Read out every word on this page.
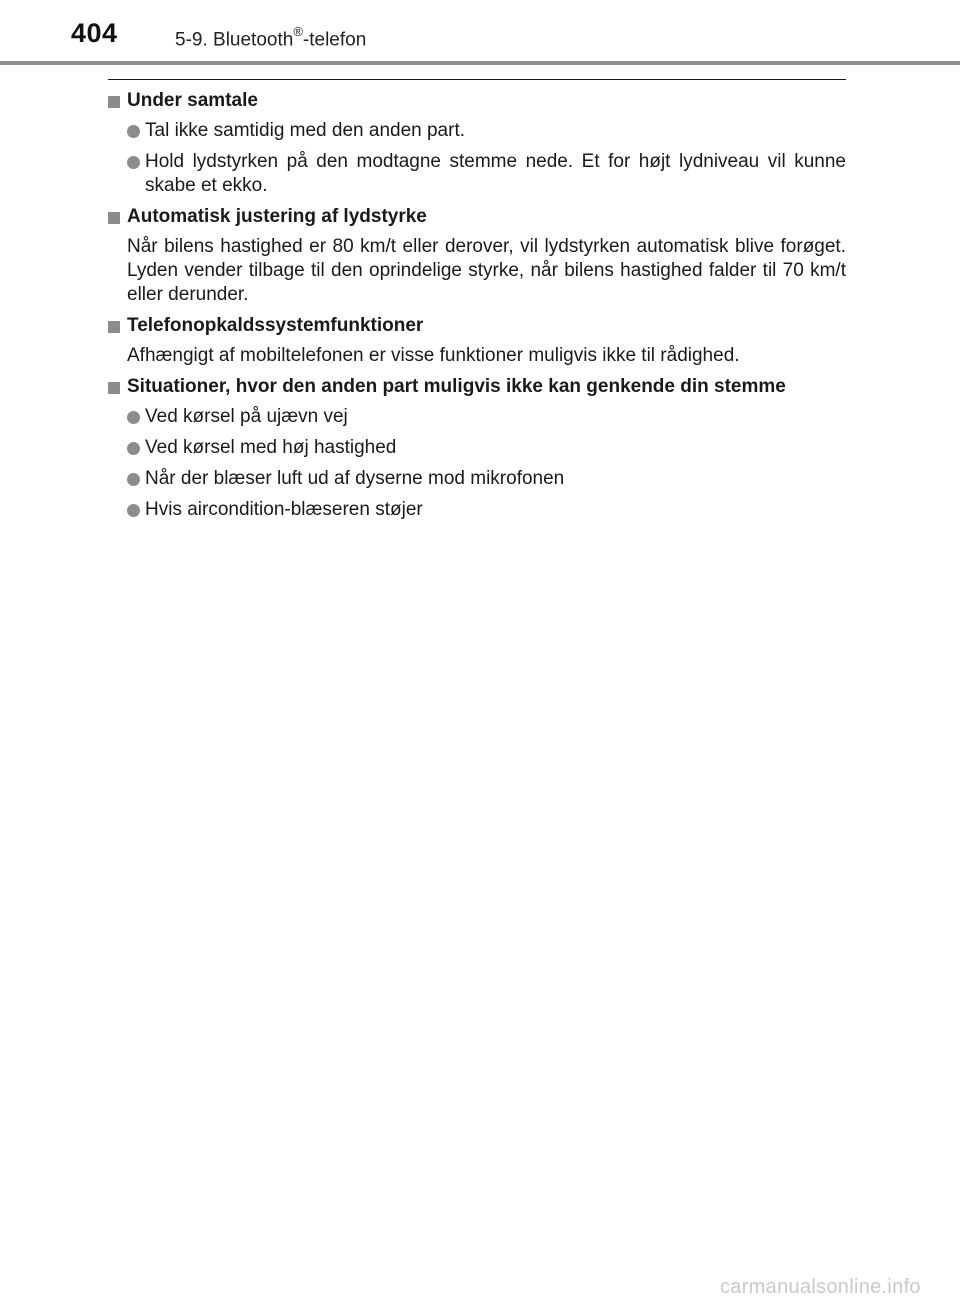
404	5-9. Bluetooth®-telefon
Under samtale
Tal ikke samtidig med den anden part.
Hold lydstyrken på den modtagne stemme nede. Et for højt lydniveau vil kunne skabe et ekko.
Automatisk justering af lydstyrke
Når bilens hastighed er 80 km/t eller derover, vil lydstyrken automatisk blive forøget. Lyden vender tilbage til den oprindelige styrke, når bilens hastighed falder til 70 km/t eller derunder.
Telefonopkaldssystemfunktioner
Afhængigt af mobiltelefonen er visse funktioner muligvis ikke til rådighed.
Situationer, hvor den anden part muligvis ikke kan genkende din stemme
Ved kørsel på ujævn vej
Ved kørsel med høj hastighed
Når der blæser luft ud af dyserne mod mikrofonen
Hvis aircondition-blæseren støjer
carmanualsonline.info
